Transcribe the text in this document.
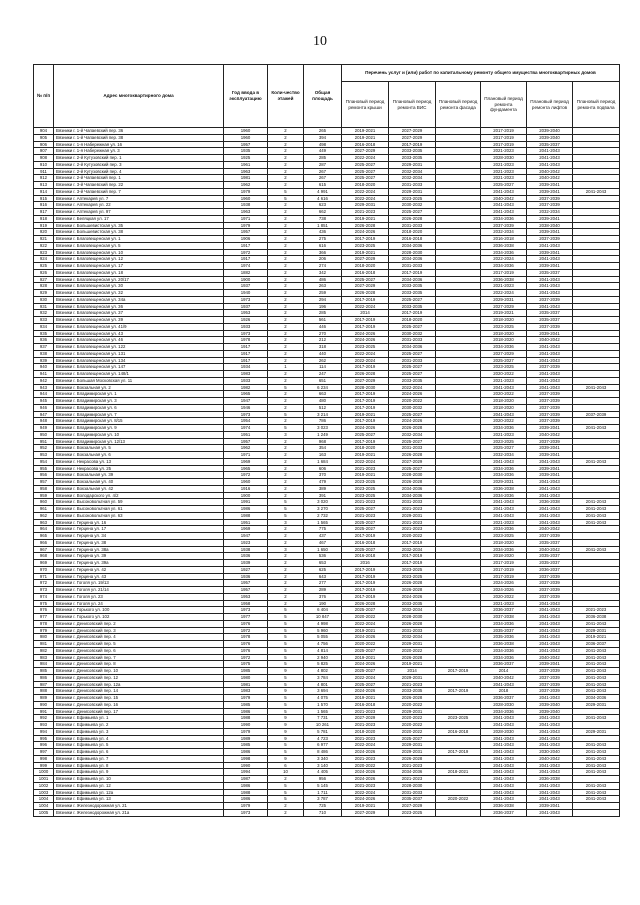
10
№ п/п	Адрес многоквартирного дома	Год ввода в эксплуатацию	Коли-чество этажей	Общая площадь	Перечень услуг и (или) работ по капитальному ремонту общего имущества многоквартирных домов					
					Плановый период ремонта крыши	Плановый период ремонта ВИС	Плановый период ремонта фасада	Плановый период ремонта фундамента	Плановый период ремонта лифтов	Плановый период ремонта подвала
904	Вязники г. 1-й Чапаевский пер. 36	1960	2	265	2019-2021	2027-2029		2017-2019	2039-2040	
905	Вязники г. 1-й Чапаевский пер. 38	1960	2	394	2019-2021	2027-2029		2017-2019	2039-2040	
906	Вязники г. 1-я Набережная ул. 16	1957	2	498	2016-2018	2017-2019		2017-2019	2035-2037	
907	Вязники г. 1-я Набережная ул. 3	1935	2	449	2027-2029	2033-2035		2021-2023	2041-2043	
908	Вязники г. 2-й Кутузовский пер. 1	1925	2	285	2022-2024	2033-2035		2028-2030	2041-2043	
910	Вязники г. 2-й Кутузовский пер. 3	1961	2	287	2025-2027	2029-2031		2021-2023	2041-2043	
911	Вязники г. 2-й Кутузовский пер. 4	1963	2	267	2025-2027	2032-2034		2021-2023	2040-2042	
912	Вязники г. 2-й Чапаевский пер. 1	1981	2	267	2025-2027	2032-2034		2021-2023	2040-2042	
913	Вязники г. 3-й Чапаевский пер. 22	1962	2	615	2018-2020	2031-2033		2025-2027	2039-2041	
914	Вязники г. 3-й Чапаевский пер. 7	1979	5	4 991	2022-2024	2029-2031		2041-2043	2039-2041	2041-2043
915	Вязники г. Аптекарев ул. 7	1960	5	4 616	2022-2024	2023-2025		2040-2042	2037-2039	
916	Вязники г. Аптекарев ул. 22	1938	2	623	2029-2031	2030-2032		2041-2043	2037-2039	
917	Вязники г. Аптекарев ул. 97	1963	2	662	2021-2023	2025-2027		2041-2043	2032-2034	
918	Вязники г. Беляцкая ул. 17	1971	2	738	2019-2021	2026-2028		2034-2036	2039-2041	
919	Вязники г. Большевистская ул. 35	1979	2	1 851	2026-2028	2031-2033		2037-2039	2038-2040	
920	Вязники г. Большевистская ул. 38	1957	2	436	2024-2026	2018-2020		2032-2034	2039-2041	
921	Вязники г. Благовещенская ул. 1	1906	2	275	2017-2019	2016-2018		2016-2018	2037-2039	
922	Вязники г. Благовещенская ул. 5	1917	2	616	2023-2025	2034-2036		2036-2038	2041-2043	
923	Вязники г. Благовещенская ул. 10	1972	2	366	2019-2021	2028-2030		2034-2036	2039-2041	
924	Вязники г. Благовещенская ул. 12	1917	2	206	2027-2029	2034-2036		2022-2024	2041-2043	
925	Вязники г. Благовещенская ул. 17	1974	2	274	2018-2020	2031-2033		2034-2036	2039-2041	
926	Вязники г. Благовещенская ул. 18	1882	2	342	2016-2018	2017-2019		2017-2019	2035-2037	
927	Вязники г. Благовещенская ул. 20/17	1900	2	486	2025-2027	2034-2036		2036-2038	2041-2043	
928	Вязники г. Благовещенская ул. 30	1937	2	263	2027-2029	2033-2035		2021-2023	2041-2043	
929	Вязники г. Благовещенская ул. 32	1940	2	259	2026-2028	2033-2035		2022-2024	2041-2043	
930	Вязники г. Благовещенская ул. 34а	1973	2	294	2017-2019	2025-2027		2029-2031	2037-2039	
931	Вязники г. Благовещенская ул. 36	1937	2	196	2022-2024	2033-2035		2027-2029	2041-2043	
932	Вязники г. Благовещенская ул. 37	1953	2	285	2014	2017-2019		2019-2021	2035-2037	
933	Вязники г. Благовещенская ул. 39	1926	2	561	2017-2019	2018-2020		2018-2020	2035-2037	
934	Вязники г. Благовещенская ул. 41/9	1933	2	446	2017-2019	2025-2027		2023-2025	2037-2039	
935	Вязники г. Благовещенская ул. 43	1973	2	270	2024-2026	2030-2032		2018-2020	2039-2041	
936	Вязники г. Благовещенская ул. 46	1978	2	212	2024-2026	2031-2033		2018-2020	2040-2042	
937	Вязники г. Благовещенская ул. 122	1917	2	318	2023-2025	2034-2036		2034-2036	2041-2043	
938	Вязники г. Благовещенская ул. 131	1917	2	440	2022-2024	2025-2027		2027-2029	2041-2043	
939	Вязники г. Благовещенская ул. 134	1917	2	262	2022-2024	2031-2033		2025-2027	2041-2043	
940	Вязники г. Благовещенская ул. 147	1934	1	114	2017-2019	2025-2027		2023-2025	2037-2039	
941	Вязники г. Благовещенская ул. 148/1	1983	2	247	2026-2028	2025-2027		2020-2022	2041-2043	
942	Вязники г. Большая Московская ул. 11	1933	2	651	2027-2029	2033-2035		2021-2023	2041-2043	
943	Вязники г. Вокзальная ул. 2	1982	5	6 234	2028-2030	2022-2024		2041-2043	2041-2043	2041-2043
944	Вязники г. Владимирская ул. 1	1965	2	663	2017-2019	2024-2026		2020-2022	2037-2039	
945	Вязники г. Владимирская ул. 3	1947	2	480	2017-2019	2020-2022		2018-2020	2037-2039	
946	Вязники г. Владимирская ул. 6	1946	2	512	2017-2019	2030-2032		2018-2020	2037-2039	
947	Вязники г. Владимирская ул. 7	1973	5	3 214	2019-2021	2025-2027		2041-2043	2037-2039	2037-2039
948	Вязники г. Владимирская ул. 8/15	1954	2	786	2017-2019	2024-2026		2020-2022	2037-2039	
949	Вязники г. Владимирская ул. 9	1974	5	3 023	2024-2026	2026-2028		2034-2036	2039-2041	2041-2043
950	Вязники г. Владимирская ул. 10	1951	3	1 249	2025-2027	2032-2034		2021-2023	2040-2042	
951	Вязники г. Владимирская ул. 12/13	1957	2	968	2017-2019	2025-2027		2023-2025	2037-2039	
952	Вязники г. Вокзальная ул. 5	1962	2	354	2018-2020	2031-2033		2025-2027	2039-2041	
953	Вязники г. Вокзальная ул. 6	1971	2	163	2019-2021	2026-2028		2032-2034	2039-2041	
954	Вязники г. Некрасова ул. 13	1969	2	1 684	2022-2024	2027-2029		2041-2043	2041-2043	2041-2043
955	Вязники г. Некрасова ул. 25	1965	2	606	2021-2023	2025-2027		2034-2036	2039-2041	
956	Вязники г. Вокзальная ул. 39	1972	2	370	2019-2021	2028-2030		2034-2036	2039-2041	
957	Вязники г. Вокзальная ул. 40	1960	2	479	2023-2025	2026-2028		2029-2031	2041-2043	
958	Вязники г. Вокзальная ул. 42	1916	2	389	2023-2025	2034-2036		2036-2038	2041-2043	
959	Вязники г. Володарского ул. 4/2	1900	2	391	2023-2025	2034-2036		2034-2036	2041-2043	
960	Вязники г. Высоковольтная ул. 59	1991	5	3 020	2021-2023	2031-2033		2041-2043	2036-2038	2041-2043
961	Вязники г. Высоковольтная ул. 61	1986	5	3 270	2025-2027	2021-2023		2041-2043	2041-2043	2041-2043
962	Вязники г. Высоковольтная ул. 63	1988	5	2 732	2021-2023	2029-2031		2041-2043	2041-2043	2041-2043
963	Вязники г. Герцена ул. 16	1951	3	1 565	2025-2027	2021-2023		2021-2023	2041-2043	2041-2043
964	Вязники г. Герцена ул. 17	1969	2	775	2025-2027	2021-2023		2034-2036	2040-2042	
965	Вязники г. Герцена ул. 34	1947	2	437	2017-2019	2020-2022		2023-2025	2037-2039	
966	Вязники г. Герцена ул. 38	1923	2	467	2016-2018	2017-2019		2018-2020	2035-2037	
967	Вязники г. Герцена ул. 38а	1938	3	1 650	2025-2027	2032-2034		2034-2036	2040-2042	2041-2043
968	Вязники г. Герцена ул. 39	1936	2	536	2016-2018	2017-2019		2018-2020	2035-2037	
969	Вязники г. Герцена ул. 39а	1939	2	653	2016	2017-2019		2017-2019	2035-2037	
970	Вязники г. Герцена ул. 42	1927	2	625	2017-2019	2023-2025		2017-2019	2036-2037	
971	Вязники г. Герцена ул. 43	1936	2	643	2017-2019	2023-2025		2017-2019	2037-2039	
972	Вязники г. Гоголя ул. 19/13	1957	2	277	2017-2019	2026-2028		2024-2026	2037-2039	
973	Вязники г. Гоголя ул. 21/14	1957	2	289	2017-2019	2026-2028		2024-2026	2037-2039	
974	Вязники г. Гоголя ул. 23	1953	2	376	2017-2019	2024-2026		2020-2022	2037-2039	
975	Вязники г. Гоголя ул. 24	1958	2	190	2026-2028	2033-2035		2021-2023	2041-2043	
976	Вязники г. Горького ул. 100	1973	5	6 404	2025-2027	2032-2034		2036-2037	2041-2043	2021-2023
977	Вязники г. Горького ул. 102	1977	5	10 847	2020-2022	2028-2030		2037-2038	2041-2043	2036-2038
978	Вязники г. Денисовский пер. 2	1976	5	4 998	2022-2024	2026-2028		2034-2036	2041-2043	2041-2043
979	Вязники г. Денисовский пер. 3	1972	5	5 960	2019-2021	2031-2033		2035-2037	2041-2043	2029-2031
980	Вязники г. Денисовский пер. 4	1978	5	5 055	2024-2026	2032-2034		2035-2036	2041-2043	2019-2021
981	Вязники г. Денисовский пер. 5	1976	5	4 756	2020-2022	2029-2031		2036-2038	2041-2043	2036-2037
982	Вязники г. Денисовский пер. 6	1976	5	4 814	2025-2027	2020-2022		2034-2036	2041-2043	2041-2043
983	Вязники г. Денисовский пер. 7	1972	5	2 940	2019-2021	2026-2028		2034-2036	2040-2042	2041-2043
984	Вязники г. Денисовский пер. 8	1975	5	5 825	2024-2026	2019-2021		2036-2037	2039-2041	2041-2043
985	Вязники г. Денисовский пер. 10	1985	9	4 802	2025-2027	2014	2017-2019	2014	2037-2039	2041-2043
986	Вязники г. Денисовский пер. 12	1980	5	3 784	2022-2024	2029-2031		2040-2042	2037-2039	2041-2043
987	Вязники г. Денисовский пер. 12а	1981	5	4 801	2025-2027	2021-2023		2041-2043	2037-2039	2041-2043
988	Вязники г. Денисовский пер. 14	1983	9	3 694	2024-2026	2033-2035	2017-2019	2018	2037-2039	2041-2043
989	Вязники г. Денисовский пер. 15	1979	5	4 075	2019-2021	2026-2028		2036-2037	2041-2043	2034-2036
990	Вязники г. Денисовский пер. 16	1985	5	1 570	2016-2018	2020-2022		2028-2030	2039-2040	2029-2031
991	Вязники г. Денисовский пер. 17	1986	5	1 565	2021-2023	2029-2031		2034-2036	2039-2040	
992	Вязники г. Ефимьева ул. 1	1988	9	7 731	2027-2029	2020-2022	2023-2025	2041-2043	2041-2043	2041-2043
993	Вязники г. Ефимьева ул. 2	1990	9	10 261	2021-2023	2020-2022		2041-2043	2041-2043	
994	Вязники г. Ефимьева ул. 3	1979	9	5 781	2018-2020	2020-2022	2016-2018	2028-2030	2041-2043	2029-2031
995	Вязники г. Ефимьева ул. 4	1989	9	4 723	2021-2023	2025-2027		2041-2043	2041-2043	
996	Вязники г. Ефимьева ул. 5	1985	5	6 977	2022-2024	2029-2031		2041-2043	2041-2043	2041-2043
997	Вязники г. Ефимьева ул. 6	1986	5	8 486	2024-2026	2029-2031	2017-2019	2041-2043	2030-2040	2041-2043
998	Вязники г. Ефимьева ул. 7	1998	9	3 340	2021-2023	2026-2028		2041-2043	2040-2042	2041-2043
999	Вязники г. Ефимьева ул. 8	1990	6	3 140	2020-2022	2021-2023		2041-2043	2041-2043	2041-2043
1000	Вязники г. Ефимьева ул. 9	1994	10	4 405	2024-2026	2034-2036	2018-2021	2041-2043	2041-2043	2041-2043
1001	Вязники г. Ефимьева ул. 10	1987	2	956	2024-2026	2021-2023		2041-2043	2036-2038	
1002	Вязники г. Ефимьева ул. 12	1986	5	5 145	2021-2023	2028-2030		2041-2043	2041-2043	2041-2043
1003	Вязники г. Ефимьева ул. 12а	1988	5	1 711	2022-2024	2031-2033		2041-2043	2041-2043	2041-2043
1004	Вязники г. Ефимьева ул. 13	1986	5	3 787	2024-2026	2035-2037	2020-2022	2041-2043	2041-2043	2041-2043
1004	Вязники г. Железнодорожная ул. 21	1979	2	725	2019-2021	2027-2029		2036-2038	2039-2041	
1005	Вязники г. Железнодорожная ул. 21а	1973	2	710	2027-2029	2023-2025		2036-2037	2041-2043	
